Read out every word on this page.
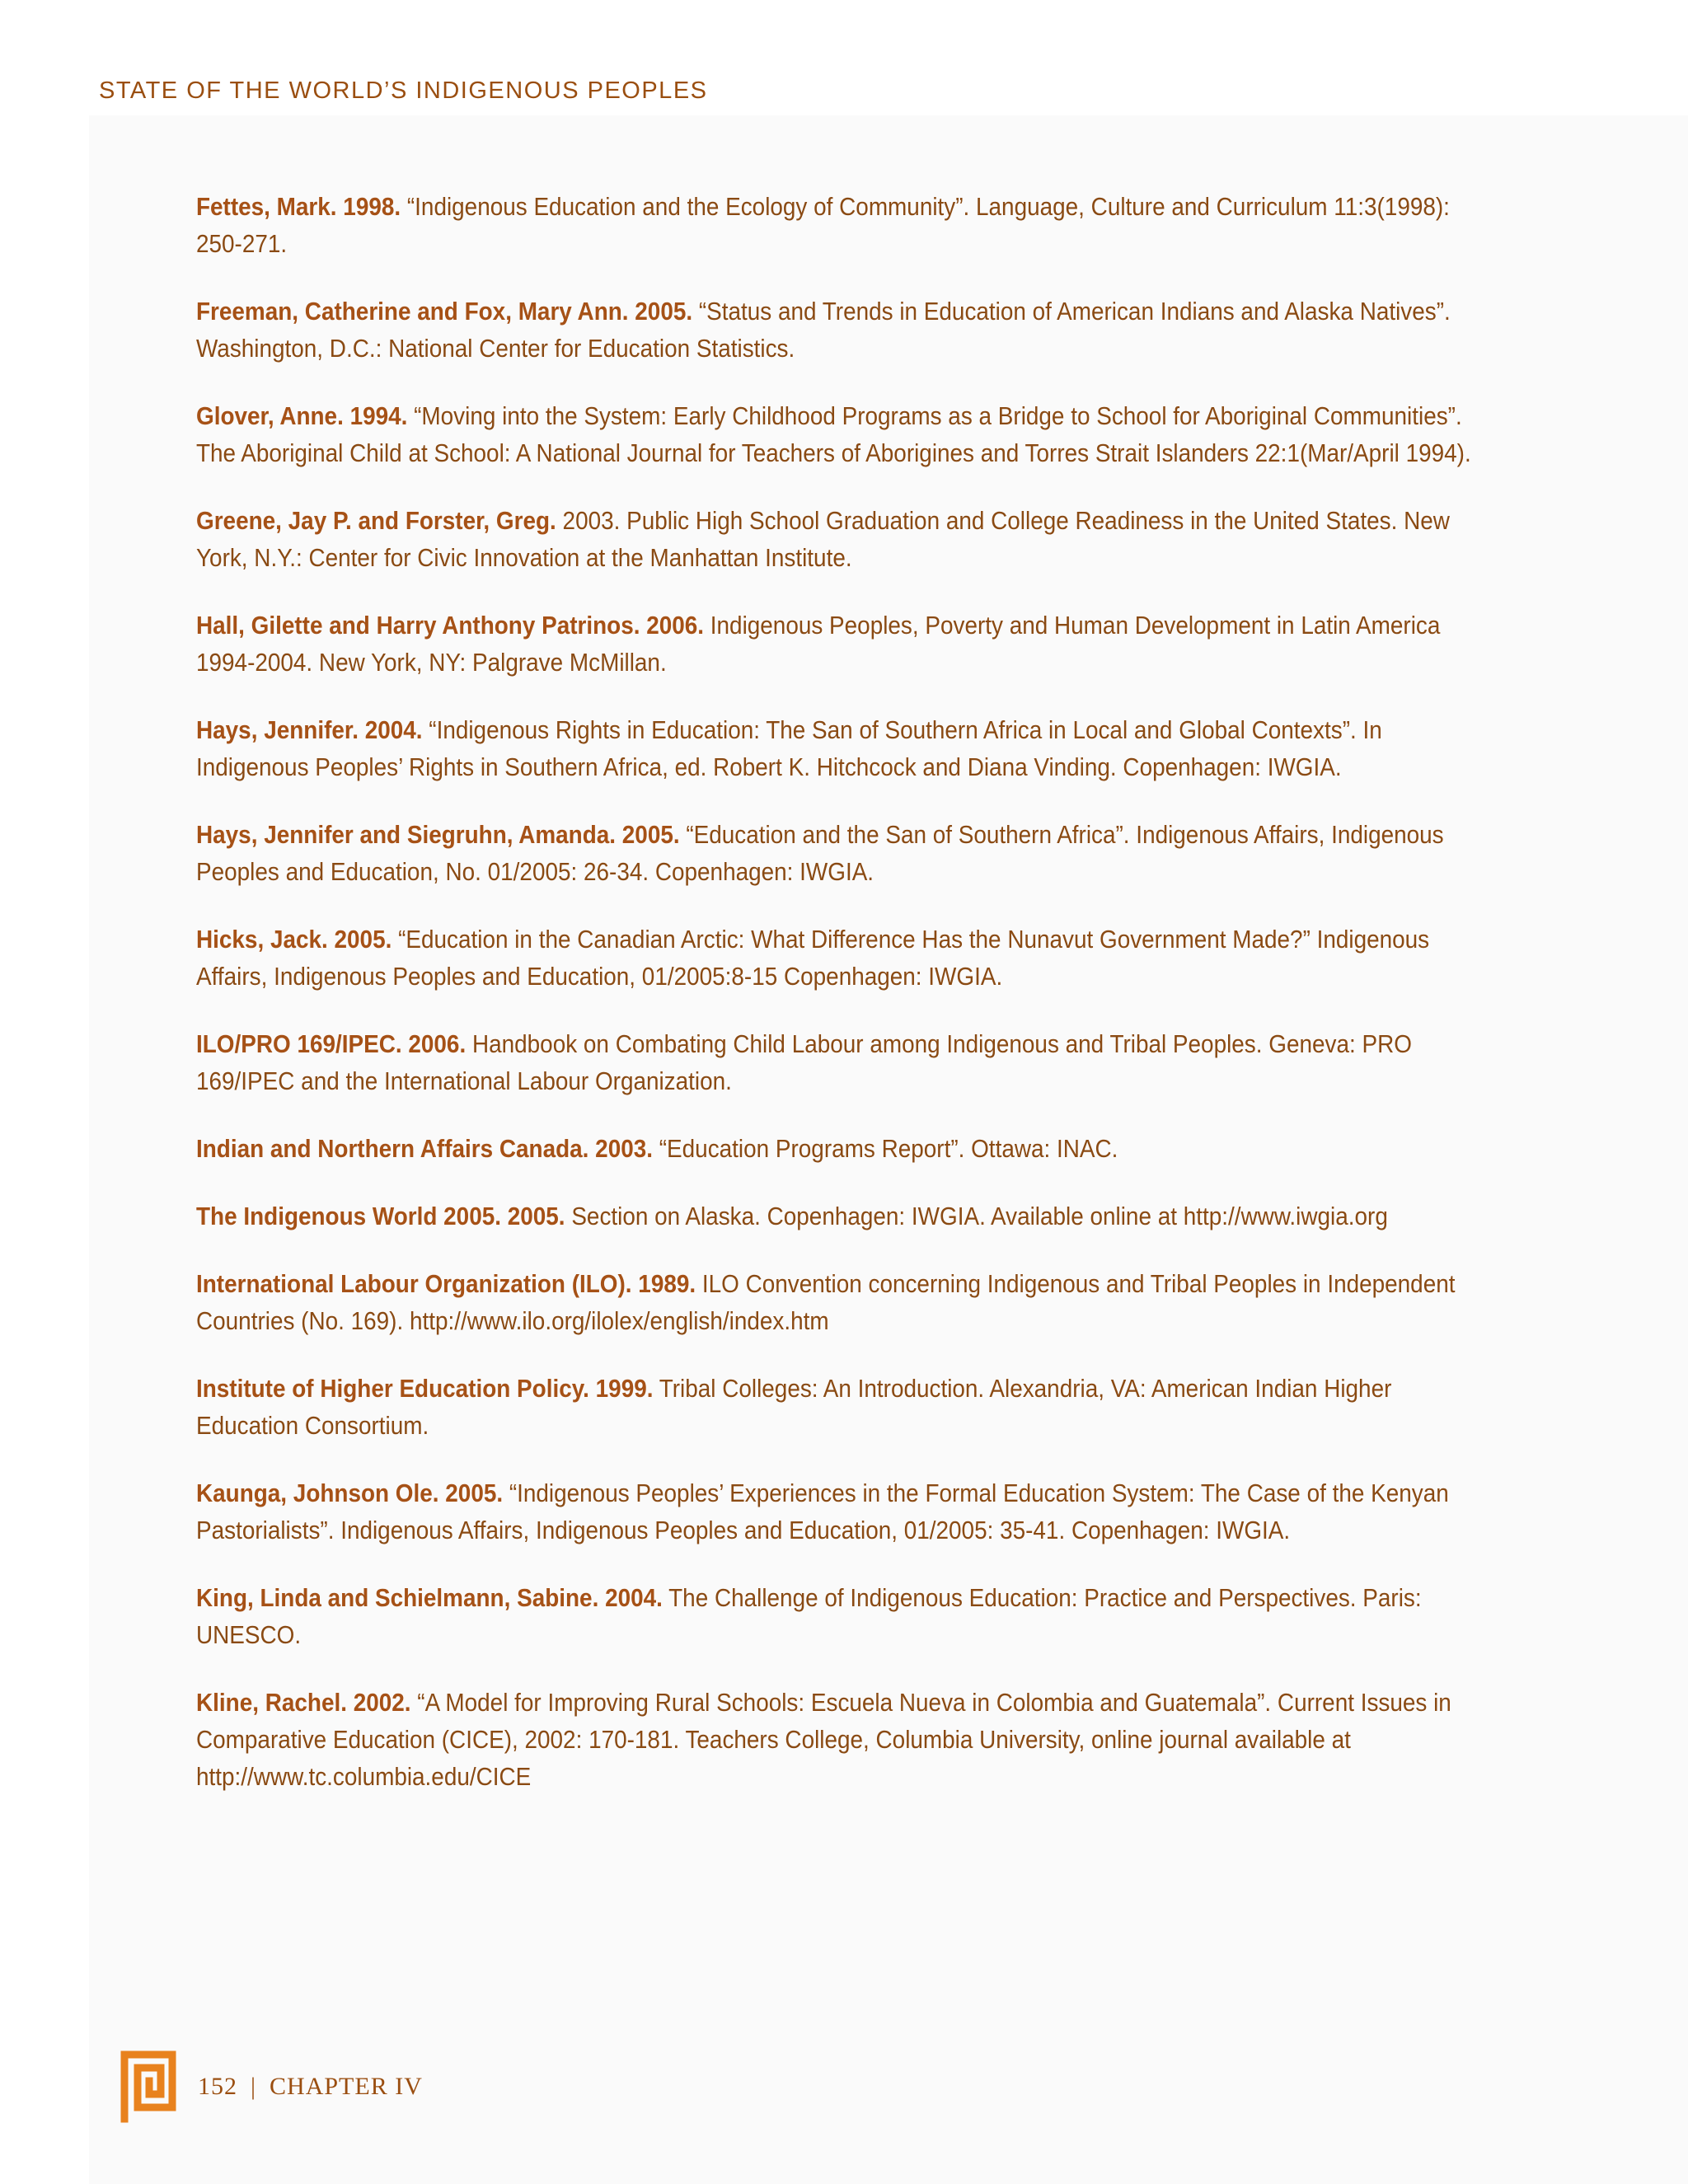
STATE OF THE WORLD’S INDIGENOUS PEOPLES

Fettes, Mark. 1998. “Indigenous Education and the Ecology of Community”. Language, Culture and Curriculum 11:3(1998): 250-271.

Freeman, Catherine and Fox, Mary Ann. 2005. “Status and Trends in Education of American Indians and Alaska Natives”. Washington, D.C.: National Center for Education Statistics.

Glover, Anne. 1994. “Moving into the System: Early Childhood Programs as a Bridge to School for Aboriginal Communities”. The Aboriginal Child at School: A National Journal for Teachers of Aborigines and Torres Strait Islanders 22:1(Mar/April 1994).

Greene, Jay P. and Forster, Greg. 2003. Public High School Graduation and College Readiness in the United States. New York, N.Y.: Center for Civic Innovation at the Manhattan Institute.

Hall, Gilette and Harry Anthony Patrinos. 2006. Indigenous Peoples, Poverty and Human Development in Latin America 1994-2004. New York, NY: Palgrave McMillan.

Hays, Jennifer. 2004. “Indigenous Rights in Education: The San of Southern Africa in Local and Global Contexts”. In Indigenous Peoples’ Rights in Southern Africa, ed. Robert K. Hitchcock and Diana Vinding. Copenhagen: IWGIA.

Hays, Jennifer and Siegruhn, Amanda. 2005. “Education and the San of Southern Africa”. Indigenous Affairs, Indigenous Peoples and Education, No. 01/2005: 26-34. Copenhagen: IWGIA.

Hicks, Jack. 2005. “Education in the Canadian Arctic: What Difference Has the Nunavut Government Made?” Indigenous Affairs, Indigenous Peoples and Education, 01/2005:8-15 Copenhagen: IWGIA.

ILO/PRO 169/IPEC. 2006. Handbook on Combating Child Labour among Indigenous and Tribal Peoples. Geneva: PRO 169/IPEC and the International Labour Organization.

Indian and Northern Affairs Canada. 2003. “Education Programs Report”. Ottawa: INAC.

The Indigenous World 2005. 2005. Section on Alaska. Copenhagen: IWGIA. Available online at http://www.iwgia.org

International Labour Organization (ILO). 1989. ILO Convention concerning Indigenous and Tribal Peoples in Independent Countries (No. 169). http://www.ilo.org/ilolex/english/index.htm

Institute of Higher Education Policy. 1999. Tribal Colleges: An Introduction. Alexandria, VA: American Indian Higher Education Consortium.

Kaunga, Johnson Ole. 2005. “Indigenous Peoples’ Experiences in the Formal Education System: The Case of the Kenyan Pastorialists”. Indigenous Affairs, Indigenous Peoples and Education, 01/2005: 35-41. Copenhagen: IWGIA.

King, Linda and Schielmann, Sabine. 2004. The Challenge of Indigenous Education: Practice and Perspectives. Paris: UNESCO.

Kline, Rachel. 2002. “A Model for Improving Rural Schools: Escuela Nueva in Colombia and Guatemala”. Current Issues in Comparative Education (CICE), 2002: 170-181. Teachers College, Columbia University, online journal available at http://www.tc.columbia.edu/CICE

152 | CHAPTER IV
